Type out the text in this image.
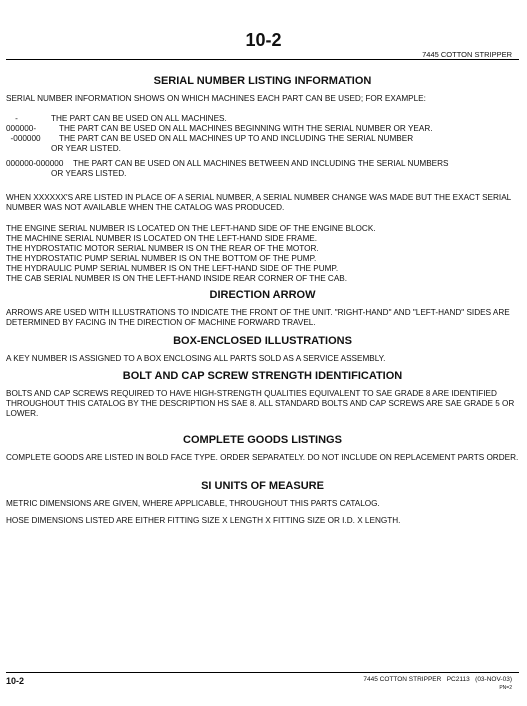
10-2
7445 COTTON STRIPPER

SERIAL NUMBER LISTING INFORMATION

SERIAL NUMBER INFORMATION SHOWS ON WHICH MACHINES EACH PART CAN BE USED; FOR EXAMPLE:

-	THE PART CAN BE USED ON ALL MACHINES.
000000-	THE PART CAN BE USED ON ALL MACHINES BEGINNING WITH THE SERIAL NUMBER OR YEAR.
-000000	THE PART CAN BE USED ON ALL MACHINES UP TO AND INCLUDING THE SERIAL NUMBER
OR YEAR LISTED.
000000-000000	THE PART CAN BE USED ON ALL MACHINES BETWEEN AND INCLUDING THE SERIAL NUMBERS
OR YEARS LISTED.

WHEN XXXXXX'S ARE LISTED IN PLACE OF A SERIAL NUMBER, A SERIAL NUMBER CHANGE WAS MADE BUT THE EXACT SERIAL NUMBER WAS NOT AVAILABLE WHEN THE CATALOG WAS PRODUCED.

THE ENGINE SERIAL NUMBER IS LOCATED ON THE LEFT-HAND SIDE OF THE ENGINE BLOCK.
THE MACHINE SERIAL NUMBER IS LOCATED ON THE LEFT-HAND SIDE FRAME.
THE HYDROSTATIC MOTOR SERIAL NUMBER IS ON THE REAR OF THE MOTOR.
THE HYDROSTATIC PUMP SERIAL NUMBER IS ON THE BOTTOM OF THE PUMP.
THE HYDRAULIC PUMP SERIAL NUMBER IS ON THE LEFT-HAND SIDE OF THE PUMP.
THE CAB SERIAL NUMBER IS ON THE LEFT-HAND INSIDE REAR CORNER OF THE CAB.

DIRECTION ARROW

ARROWS ARE USED WITH ILLUSTRATIONS TO INDICATE THE FRONT OF THE UNIT. "RIGHT-HAND" AND "LEFT-HAND" SIDES ARE DETERMINED BY FACING IN THE DIRECTION OF MACHINE FORWARD TRAVEL.

BOX-ENCLOSED ILLUSTRATIONS

A KEY NUMBER IS ASSIGNED TO A BOX ENCLOSING ALL PARTS SOLD AS A SERVICE ASSEMBLY.

BOLT AND CAP SCREW STRENGTH IDENTIFICATION

BOLTS AND CAP SCREWS REQUIRED TO HAVE HIGH-STRENGTH QUALITIES EQUIVALENT TO SAE GRADE 8 ARE IDENTIFIED THROUGHOUT THIS CATALOG BY THE DESCRIPTION HS SAE 8. ALL STANDARD BOLTS AND CAP SCREWS ARE SAE GRADE 5 OR LOWER.

COMPLETE GOODS LISTINGS

COMPLETE GOODS ARE LISTED IN BOLD FACE TYPE. ORDER SEPARATELY. DO NOT INCLUDE ON REPLACEMENT PARTS ORDER.

SI UNITS OF MEASURE

METRIC DIMENSIONS ARE GIVEN, WHERE APPLICABLE, THROUGHOUT THIS PARTS CATALOG.

HOSE DIMENSIONS LISTED ARE EITHER FITTING SIZE X LENGTH X FITTING SIZE OR I.D. X LENGTH.

10-2	7445 COTTON STRIPPER   PC2113   (03-NOV-03)
PN=2
